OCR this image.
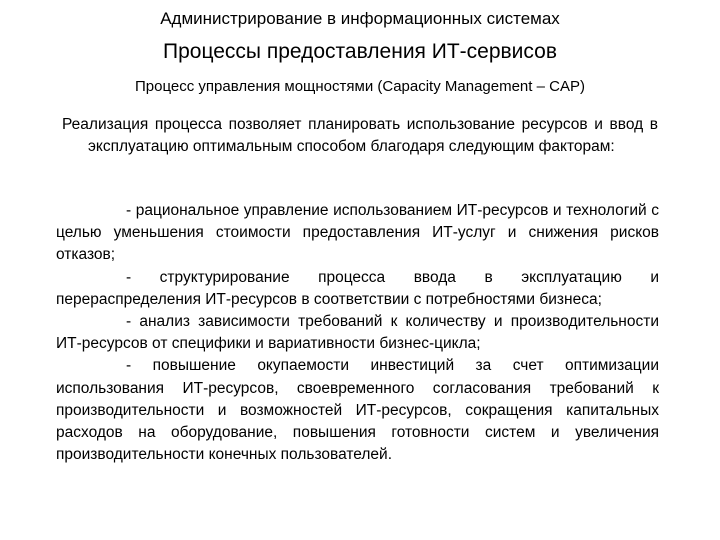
Администрирование в информационных системах
Процессы предоставления ИТ-сервисов
Процесс управления мощностями (Capacity Management – CAP)
Реализация процесса позволяет планировать использование ресурсов и ввод в эксплуатацию оптимальным способом благодаря следующим факторам:

- рациональное управление использованием ИТ-ресурсов и технологий с целью уменьшения стоимости предоставления ИТ-услуг и снижения рисков отказов;

- структурирование процесса ввода в эксплуатацию и перераспределения ИТ-ресурсов в соответствии с потребностями бизнеса;

- анализ зависимости требований к количеству и производительности ИТ-ресурсов от специфики и вариативности бизнес-цикла;

- повышение окупаемости инвестиций за счет оптимизации использования ИТ-ресурсов, своевременного согласования требований к производительности и возможностей ИТ-ресурсов, сокращения капитальных расходов на оборудование, повышения готовности систем и увеличения производительности конечных пользователей.
